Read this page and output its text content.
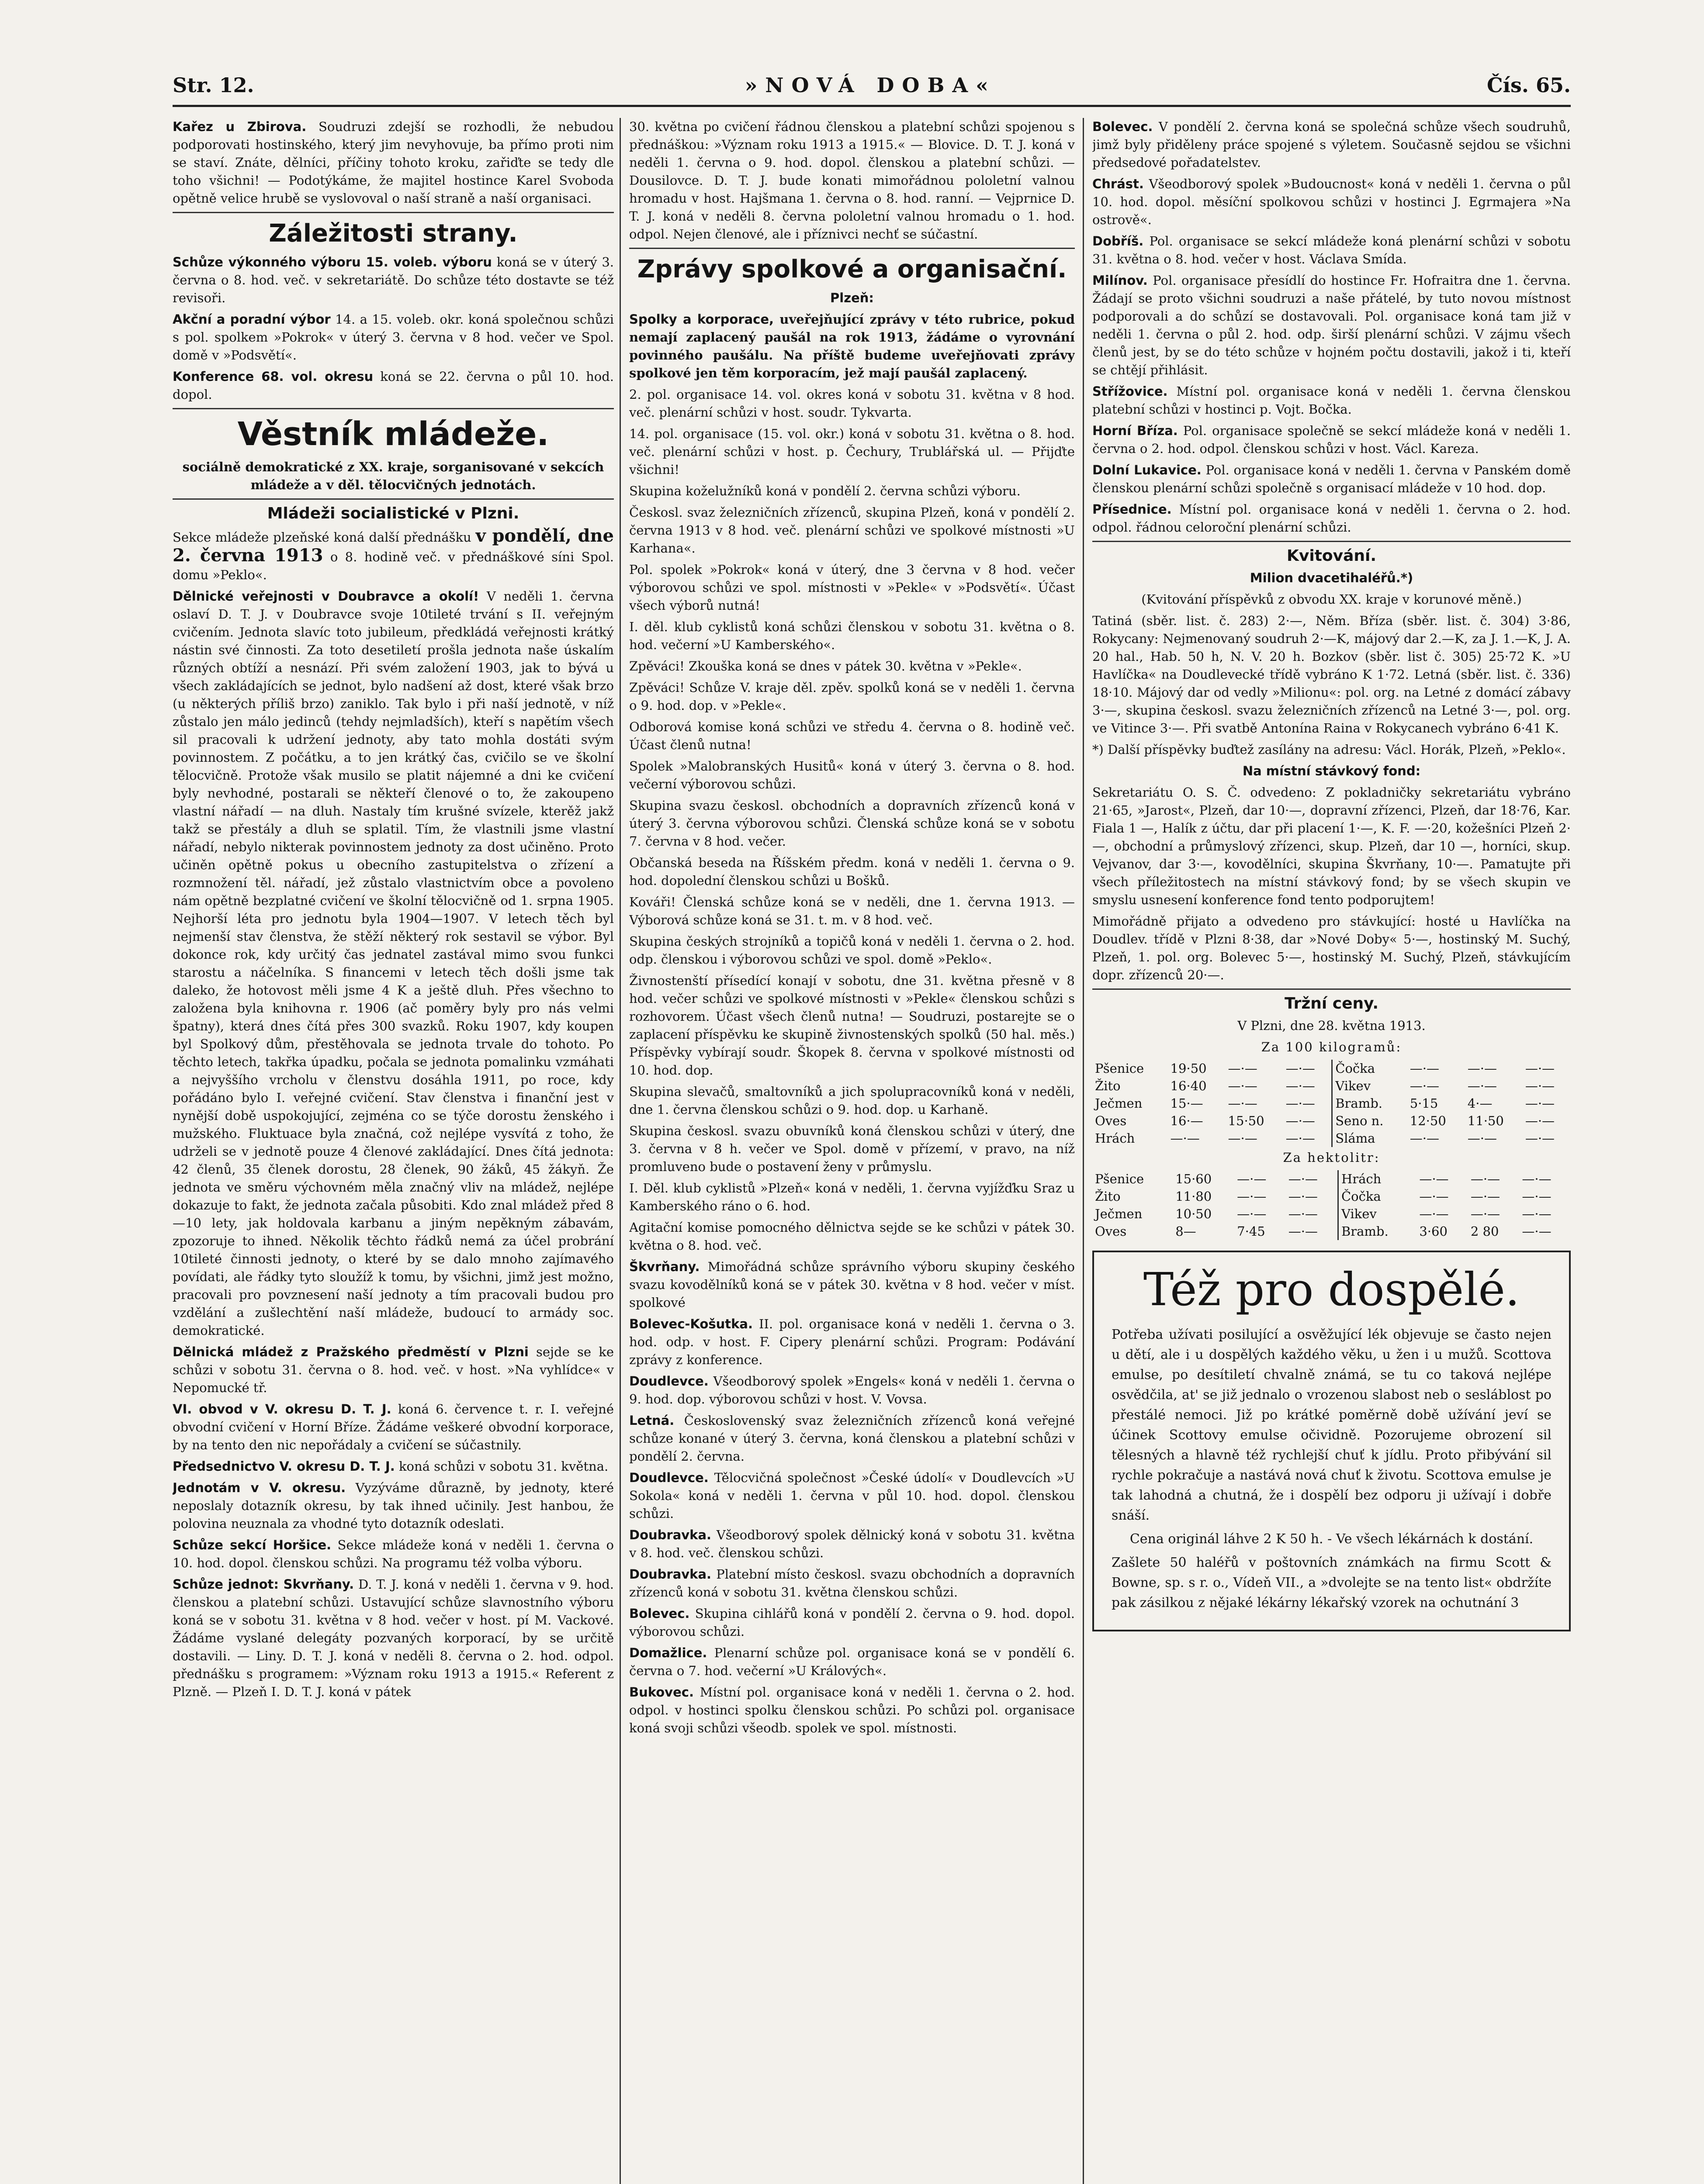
Str. 12.	»NOVÁ DOBA«	Čís. 65.

Kařez u Zbirova. Soudruzi zdejší se rozhodli, že nebudou podporovati hostinského, který jim nevyhovuje, ba přímo proti nim se staví. Znáte, dělníci, příčiny tohoto kroku, zařiďte se tedy dle toho všichni! — Podotýkáme, že majitel hostince Karel Svoboda opětně velice hrubě se vyslovoval o naší straně a naší organisaci.

Záležitosti strany.

Schůze výkonného výboru 15. voleb. výboru koná se v úterý 3. června o 8. hod. več. v sekretariátě. Do schůze této dostavte se též revisoři.

Akční a poradní výbor 14. a 15. voleb. okr. koná společnou schůzi s pol. spolkem »Pokrok« v úterý 3. června v 8 hod. večer ve Spol. domě v »Podsvětí«.

Konference 68. vol. okresu koná se 22. června o půl 10. hod. dopol.

Věstník mládeže.

sociálně demokratické z XX. kraje, sorganisované v sekcích mládeže a v děl. tělocvičných jednotách.

Mládeži socialistické v Plzni.

Sekce mládeže plzeňské koná další přednášku v pondělí, dne 2. června 1913 o 8. hodině več. v přednáškové síni Spol. domu »Peklo«.

Dělnické veřejnosti v Doubravce a okolí! V neděli 1. června oslaví D. T. J. v Doubravce svoje 10tileté trvání s II. veřejným cvičením. Jednota slavíc toto jubileum, předkládá veřejnosti krátký nástin své činnosti. Za toto desetiletí prošla jednota naše úskalím různých obtíží a nesnází. Při svém založení 1903, jak to bývá u všech zakládajících se jednot, bylo nadšení až dost, které však brzo (u některých příliš brzo) zaniklo. Tak bylo i při naší jednotě, v níž zůstalo jen málo jedinců (tehdy nejmladších), kteří s napětím všech sil pracovali k udržení jednoty, aby tato mohla dostáti svým povinnostem. Z počátku, a to jen krátký čas, cvičilo se ve školní tělocvičně. Protože však musilo se platit nájemné a dni ke cvičení byly nevhodné, postarali se někteří členové o to, že zakoupeno vlastní nářadí — na dluh. Nastaly tím krušné svízele, kterěž jakž takž se přestály a dluh se splatil. Tím, že vlastnili jsme vlastní nářadí, nebylo nikterak povinnostem jednoty za dost učiněno. Proto učiněn opětně pokus u obecního zastupitelstva o zřízení a rozmnožení těl. nářadí, jež zůstalo vlastnictvím obce a povoleno nám opětně bezplatné cvičení ve školní tělocvičně od 1. srpna 1905. Nejhorší léta pro jednotu byla 1904—1907. V letech těch byl nejmenší stav členstva, že stěží některý rok sestavil se výbor. Byl dokonce rok, kdy určitý čas jednatel zastával mimo svou funkci starostu a náčelníka. S financemi v letech těch došli jsme tak daleko, že hotovost měli jsme 4 K a ještě dluh. Přes všechno to založena byla knihovna r. 1906 (ač poměry byly pro nás velmi špatny), která dnes čítá přes 300 svazků. Roku 1907, kdy koupen byl Spolkový dům, přestěhovala se jednota trvale do tohoto. Po těchto letech, takřka úpadku, počala se jednota pomalinku vzmáhati a nejvyššího vrcholu v členstvu dosáhla 1911, po roce, kdy pořádáno bylo I. veřejné cvičení. Stav členstva i finanční jest v nynější době uspokojující, zejména co se týče dorostu ženského i mužského. Fluktuace byla značná, což nejlépe vysvítá z toho, že udrželi se v jednotě pouze 4 členové zakládající. Dnes čítá jednota: 42 členů, 35 členek dorostu, 28 členek, 90 žáků, 45 žákyň. Že jednota ve směru výchovném měla značný vliv na mládež, nejlépe dokazuje to fakt, že jednota začala působiti. Kdo znal mládež před 8—10 lety, jak holdovala karbanu a jiným nepěkným zábavám, zpozoruje to ihned. Několik těchto řádků nemá za účel probrání 10tileté činnosti jednoty, o které by se dalo mnoho zajímavého povídati, ale řádky tyto sloužíž k tomu, by všichni, jimž jest možno, pracovali pro povznesení naší jednoty a tím pracovali budou pro vzdělání a zušlechtění naší mládeže, budoucí to armády soc. demokratické.

Dělnická mládež z Pražského předměstí v Plzni sejde se ke schůzi v sobotu 31. června o 8. hod. več. v host. »Na vyhlídce« v Nepomucké tř.

VI. obvod v V. okresu D. T. J. koná 6. července t. r. I. veřejné obvodní cvičení v Horní Bříze. Žádáme veškeré obvodní korporace, by na tento den nic nepořádaly a cvičení se súčastnily.

Předsednictvo V. okresu D. T. J. koná schůzi v sobotu 31. května.

Jednotám v V. okresu. Vyzýváme důrazně, by jednoty, které neposlaly dotazník okresu, by tak ihned učinily. Jest hanbou, že polovina neuznala za vhodné tyto dotazník odeslati.

Schůze sekcí Horšice. Sekce mládeže koná v neděli 1. června o 10. hod. dopol. členskou schůzi. Na programu též volba výboru.

Schůze jednot: Skvrňany. D. T. J. koná v neděli 1. června v 9. hod. členskou a platební schůzi. Ustavující schůze slavnostního výboru koná se v sobotu 31. května v 8 hod. večer v host. pí M. Vackové. Žádáme vyslané delegáty pozvaných korporací, by se určitě dostavili. — Liny. D. T. J. koná v neděli 8. června o 2. hod. odpol. přednášku s programem: »Význam roku 1913 a 1915.« Referent z Plzně. — Plzeň I. D. T. J. koná v pátek

30. května po cvičení řádnou členskou a platební schůzi spojenou s přednáškou: »Význam roku 1913 a 1915.« — Blovice. D. T. J. koná v neděli 1. června o 9. hod. dopol. členskou a platební schůzi. — Dousilovce. D. T. J. bude konati mimořádnou pololetní valnou hromadu v host. Hajšmana 1. června o 8. hod. ranní. — Vejprnice D. T. J. koná v neděli 8. června pololetní valnou hromadu o 1. hod. odpol. Nejen členové, ale i příznivci nechť se súčastní.

Zprávy spolkové a organisační.

Plzeň:

Spolky a korporace, uveřejňující zprávy v této rubrice, pokud nemají zaplacený paušál na rok 1913, žádáme o vyrovnání povinného paušálu. Na příště budeme uveřejňovati zprávy spolkové jen těm korporacím, jež mají paušál zaplacený.

2. pol. organisace 14. vol. okres koná v sobotu 31. května v 8 hod. več. plenární schůzi v host. soudr. Tykvarta.

14. pol. organisace (15. vol. okr.) koná v sobotu 31. května o 8. hod. več. plenární schůzi v host. p. Čechury, Trublářská ul. — Přijďte všichni!

Skupina koželužníků koná v pondělí 2. června schůzi výboru.

Českosl. svaz železničních zřízenců, skupina Plzeň, koná v pondělí 2. června 1913 v 8 hod. več. plenární schůzi ve spolkové místnosti »U Karhana«.

Pol. spolek »Pokrok« koná v úterý, dne 3 června v 8 hod. večer výborovou schůzi ve spol. místnosti v »Pekle« v »Podsvětí«. Účast všech výborů nutná!

I. děl. klub cyklistů koná schůzi členskou v sobotu 31. května o 8. hod. večerní »U Kamberského«.

Zpěváci! Zkouška koná se dnes v pátek 30. května v »Pekle«.

Zpěváci! Schůze V. kraje děl. zpěv. spolků koná se v neděli 1. června o 9. hod. dop. v »Pekle«.

Odborová komise koná schůzi ve středu 4. června o 8. hodině več. Účast členů nutna!

Spolek »Malobranských Husitů« koná v úterý 3. června o 8. hod. večerní výborovou schůzi.

Skupina svazu českosl. obchodních a dopravních zřízenců koná v úterý 3. června výborovou schůzi. Členská schůze koná se v sobotu 7. června v 8 hod. večer.

Občanská beseda na Říšském předm. koná v neděli 1. června o 9. hod. dopolední členskou schůzi u Bošků.

Kováři! Členská schůze koná se v neděli, dne 1. června 1913. — Výborová schůze koná se 31. t. m. v 8 hod. več.

Skupina českých strojníků a topičů koná v neděli 1. června o 2. hod. odp. členskou i výborovou schůzi ve spol. domě »Peklo«.

Živnostenští přísedící konají v sobotu, dne 31. května přesně v 8 hod. večer schůzi ve spolkové místnosti v »Pekle« členskou schůzi s rozhovorem. Účast všech členů nutna! — Soudruzi, postarejte se o zaplacení příspěvku ke skupině živnostenských spolků (50 hal. měs.) Příspěvky vybírají soudr. Škopek 8. června v spolkové místnosti od 10. hod. dop.

Skupina slevačů, smaltovníků a jich spolupracovníků koná v neděli, dne 1. června členskou schůzi o 9. hod. dop. u Karhaně.

Skupina českosl. svazu obuvníků koná členskou schůzi v úterý, dne 3. června v 8 h. večer ve Spol. domě v přízemí, v pravo, na níž promluveno bude o postavení ženy v průmyslu.

I. Děl. klub cyklistů »Plzeň« koná v neděli, 1. června vyjížďku Sraz u Kamberského ráno o 6. hod.

Agitační komise pomocného dělnictva sejde se ke schůzi v pátek 30. května o 8. hod. več.

Škvrňany. Mimořádná schůze správního výboru skupiny českého svazu kovodělníků koná se v pátek 30. května v 8 hod. večer v míst. spolkové

Bolevec-Košutka. II. pol. organisace koná v neděli 1. června o 3. hod. odp. v host. F. Cipery plenární schůzi. Program: Podávání zprávy z konference.

Doudlevce. Všeodborový spolek »Engels« koná v neděli 1. června o 9. hod. dop. výborovou schůzi v host. V. Vovsa.

Letná. Československý svaz železničních zřízenců koná veřejné schůze konané v úterý 3. června, koná členskou a platební schůzi v pondělí 2. června.

Doudlevce. Tělocvičná společnost »České údolí« v Doudlevcích »U Sokola« koná v neděli 1. června v půl 10. hod. dopol. členskou schůzi.

Doubravka. Všeodborový spolek dělnický koná v sobotu 31. května v 8. hod. več. členskou schůzi.

Doubravka. Platební místo českosl. svazu obchodních a dopravních zřízenců koná v sobotu 31. května členskou schůzi.

Bolevec. Skupina cihlářů koná v pondělí 2. června o 9. hod. dopol. výborovou schůzi.

Domažlice. Plenarní schůze pol. organisace koná se v pondělí 6. června o 7. hod. večerní »U Králových«.

Bukovec. Místní pol. organisace koná v neděli 1. června o 2. hod. odpol. v hostinci spolku členskou schůzi. Po schůzi pol. organisace koná svoji schůzi všeodb. spolek ve spol. místnosti.

Bolevec. V pondělí 2. června koná se společná schůze všech soudruhů, jimž byly přiděleny práce spojené s výletem. Současně sejdou se všichni předsedové pořadatelstev.

Chrást. Všeodborový spolek »Budoucnost« koná v neděli 1. června o půl 10. hod. dopol. měsíční spolkovou schůzi v hostinci J. Egrmajera »Na ostrově«.

Dobříš. Pol. organisace se sekcí mládeže koná plenární schůzi v sobotu 31. května o 8. hod. večer v host. Václava Smída.

Milínov. Pol. organisace přesídlí do hostince Fr. Hofraitra dne 1. června. Žádají se proto všichni soudruzi a naše přátelé, by tuto novou místnost podporovali a do schůzí se dostavovali. Pol. organisace koná tam již v neděli 1. června o půl 2. hod. odp. širší plenární schůzi. V zájmu všech členů jest, by se do této schůze v hojném počtu dostavili, jakož i ti, kteří se chtějí přihlásit.

Střížovice. Místní pol. organisace koná v neděli 1. června členskou platební schůzi v hostinci p. Vojt. Bočka.

Horní Bříza. Pol. organisace společně se sekcí mládeže koná v neděli 1. června o 2. hod. odpol. členskou schůzi v host. Václ. Kareza.

Dolní Lukavice. Pol. organisace koná v neděli 1. června v Panském domě členskou plenární schůzi společně s organisací mládeže v 10 hod. dop.

Přísednice. Místní pol. organisace koná v neděli 1. června o 2. hod. odpol. řádnou celoroční plenární schůzi.

Kvitování.

Milion dvacetihaléřů.*)

(Kvitování příspěvků z obvodu XX. kraje v korunové měně.)

Tatiná (sběr. list. č. 283) 2·—, Něm. Bříza (sběr. list. č. 304) 3·86, Rokycany: Nejmenovaný soudruh 2·—K, májový dar 2.—K, za J. 1.—K, J. A. 20 hal., Hab. 50 h, N. V. 20 h. Bozkov (sběr. list č. 305) 25·72 K. »U Havlíčka« na Doudlevecké třídě vybráno K 1·72. Letná (sběr. list. č. 336) 18·10. Májový dar od vedly »Milionu«: pol. org. na Letné z domácí zábavy 3·—, skupina českosl. svazu železničních zřízenců na Letné 3·—, pol. org. ve Vitince 3·—. Při svatbě Antonína Raina v Rokycanech vybráno 6·41 K.

*) Další příspěvky buďtež zasílány na adresu: Václ. Horák, Plzeň, »Peklo«.

Na místní stávkový fond:

Sekretariátu O. S. Č. odvedeno: Z pokladničky sekretariátu vybráno 21·65, »Jarost«, Plzeň, dar 10·—, dopravní zřízenci, Plzeň, dar 18·76, Kar. Fiala 1 —, Halík z účtu, dar při placení 1·—, K. F. —·20, kožešníci Plzeň 2·—, obchodní a průmyslový zřízenci, skup. Plzeň, dar 10 —, horníci, skup. Vejvanov, dar 3·—, kovodělníci, skupina Škvrňany, 10·—. Pamatujte při všech příležitostech na místní stávkový fond; by se všech skupin ve smyslu usnesení konference fond tento podporujtem!

Mimořádně přijato a odvedeno pro stávkující: hosté u Havlíčka na Doudlev. třídě v Plzni 8·38, dar »Nové Doby« 5·—, hostinský M. Suchý, Plzeň, 1. pol. org. Bolevec 5·—, hostinský M. Suchý, Plzeň, stávkujícím dopr. zřízenců 20·—.

Tržní ceny.

V Plzni, dne 28. května 1913.

Za 100 kilogramů:

Pšenice	19·50	—·—	—·—	Čočka	—·—	—·—	—·—
Žito	16·40	—·—	—·—	Vikev	—·—	—·—	—·—
Ječmen	15·—	—·—	—·—	Bramb.	5·15	4·—	—·—
Oves	16·—	15·50	—·—	Seno n.	12·50	11·50	—·—
Hrách	—·—	—·—	—·—	Sláma	—·—	—·—	—·—

Za hektolitr:

Pšenice	15·60	—·—	—·—	Hrách	—·—	—·—	—·—
Žito	11·80	—·—	—·—	Čočka	—·—	—·—	—·—
Ječmen	10·50	—·—	—·—	Vikev	—·—	—·—	—·—
Oves	8—	7·45	—·—	Bramb.	3·60	2 80	—·—
Též pro dospělé.

Potřeba užívati posilující a osvěžující lék objevuje se často nejen u dětí, ale i u dospělých každého věku, u žen i u mužů. Scottova emulse, po desítiletí chvalně známá, se tu co taková nejlépe osvědčila, at' se již jednalo o vrozenou slabost neb o sesláblost po přestálé nemoci. Již po krátké poměrně době užívání jeví se účinek Scottovy emulse očividně. Pozorujeme obrození sil tělesných a hlavně též rychlejší chuť k jídlu. Proto přibývání sil rychle pokračuje a nastává nová chuť k životu. Scottova emulse je tak lahodná a chutná, že i dospělí bez odporu ji užívají i dobře snáší.

Cena originál láhve 2 K 50 h. - Ve všech lékárnách k dostání.

Zašlete 50 haléřů v poštovních známkách na firmu Scott & Bowne, sp. s r. o., Vídeň VII., a »dvolejte se na tento list« obdržíte pak zásilkou z nějaké lékárny lékařský vzorek na ochutnání 3
